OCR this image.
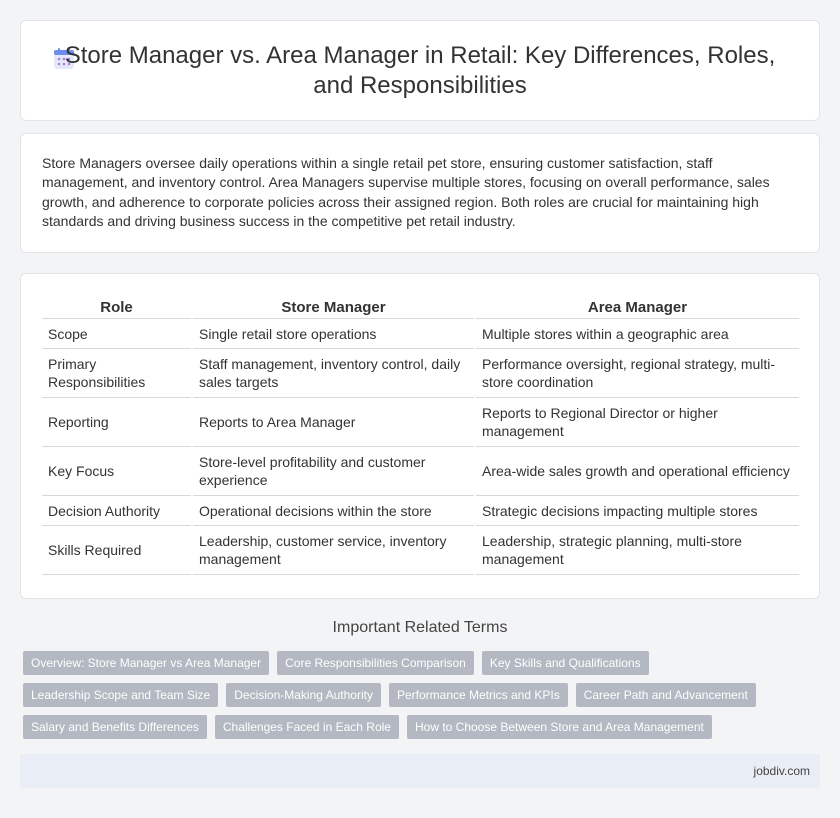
Store Manager vs. Area Manager in Retail: Key Differences, Roles, and Responsibilities

Store Managers oversee daily operations within a single retail pet store, ensuring customer satisfaction, staff management, and inventory control. Area Managers supervise multiple stores, focusing on overall performance, sales growth, and adherence to corporate policies across their assigned region. Both roles are crucial for maintaining high standards and driving business success in the competitive pet retail industry.

Role	Store Manager	Area Manager
Scope	Single retail store operations	Multiple stores within a geographic area
Primary Responsibilities	Staff management, inventory control, daily sales targets	Performance oversight, regional strategy, multi-store coordination
Reporting	Reports to Area Manager	Reports to Regional Director or higher management
Key Focus	Store-level profitability and customer experience	Area-wide sales growth and operational efficiency
Decision Authority	Operational decisions within the store	Strategic decisions impacting multiple stores
Skills Required	Leadership, customer service, inventory management	Leadership, strategic planning, multi-store management
Important Related Terms
Overview: Store Manager vs Area Manager	Core Responsibilities Comparison	Key Skills and Qualifications
Leadership Scope and Team Size	Decision-Making Authority	Performance Metrics and KPIs	Career Path and Advancement
Salary and Benefits Differences	Challenges Faced in Each Role	How to Choose Between Store and Area Management
jobdiv.com
